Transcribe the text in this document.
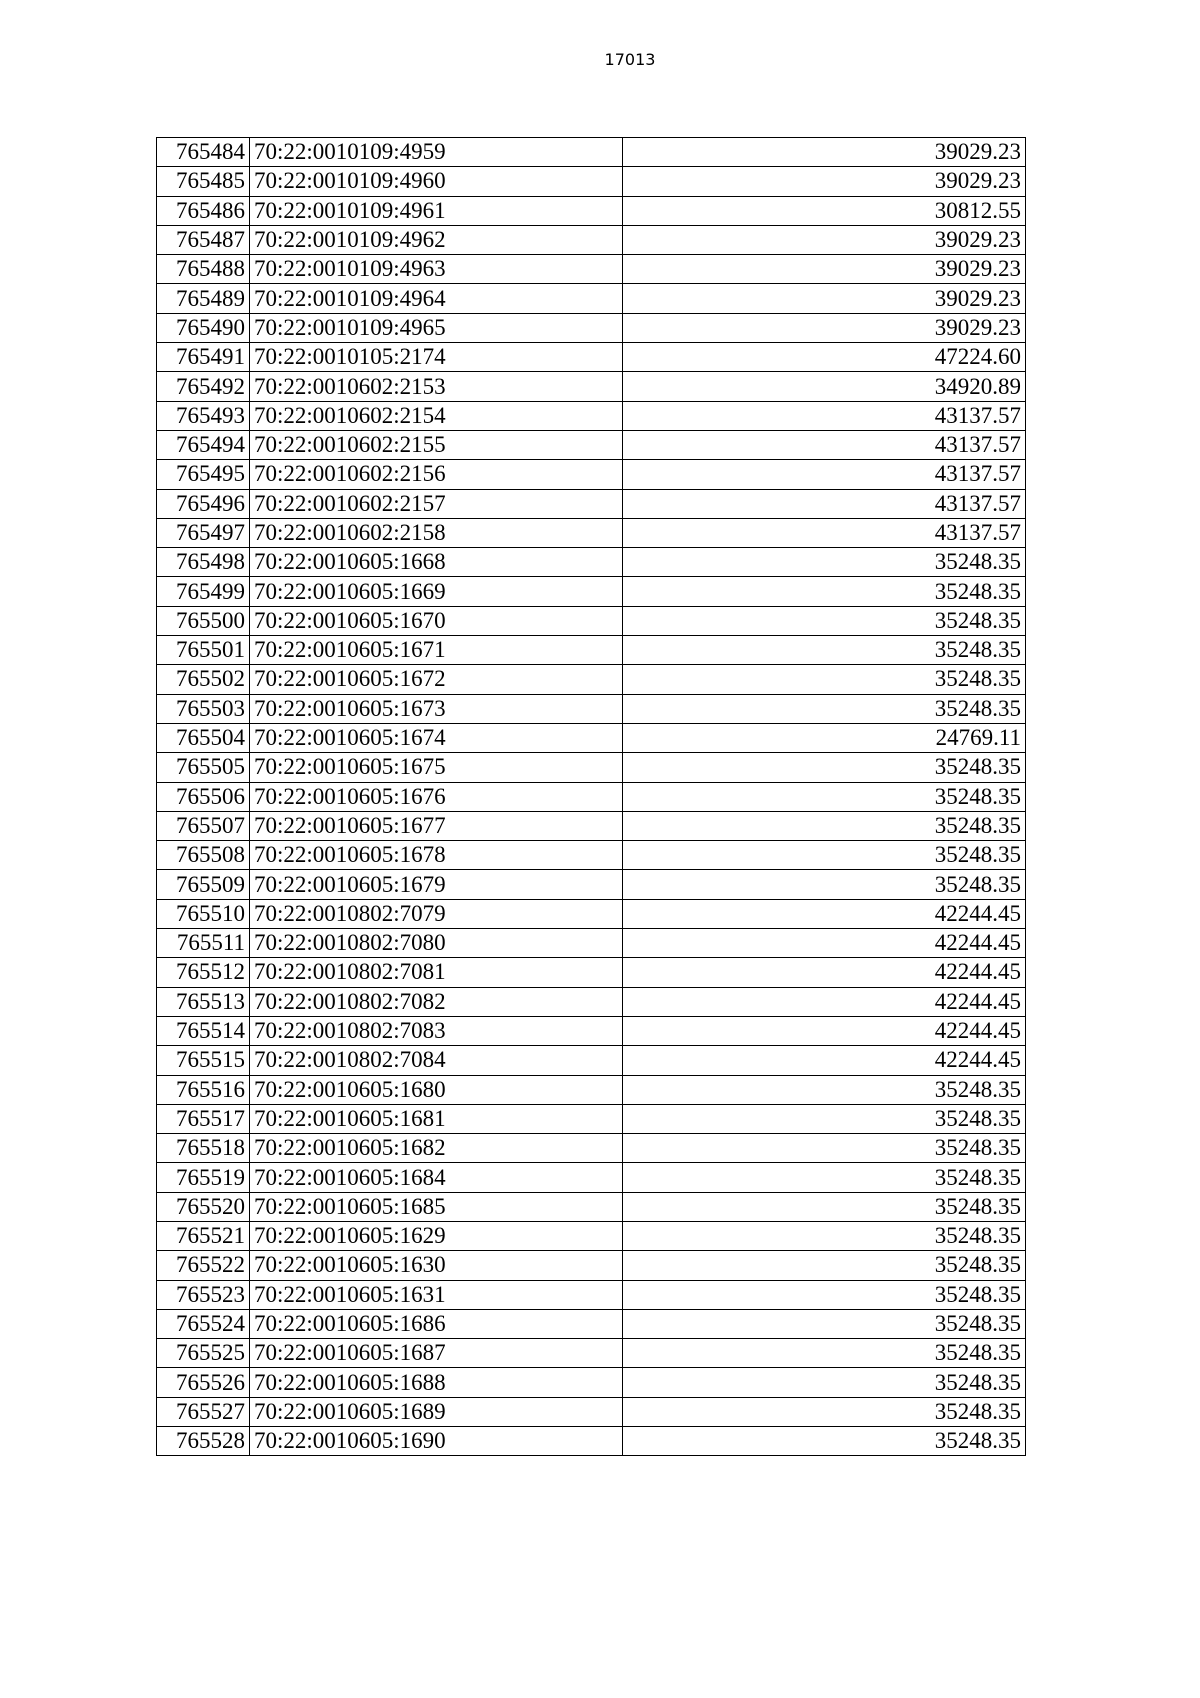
17013
765484	70:22:0010109:4959	39029.23
765485	70:22:0010109:4960	39029.23
765486	70:22:0010109:4961	30812.55
765487	70:22:0010109:4962	39029.23
765488	70:22:0010109:4963	39029.23
765489	70:22:0010109:4964	39029.23
765490	70:22:0010109:4965	39029.23
765491	70:22:0010105:2174	47224.60
765492	70:22:0010602:2153	34920.89
765493	70:22:0010602:2154	43137.57
765494	70:22:0010602:2155	43137.57
765495	70:22:0010602:2156	43137.57
765496	70:22:0010602:2157	43137.57
765497	70:22:0010602:2158	43137.57
765498	70:22:0010605:1668	35248.35
765499	70:22:0010605:1669	35248.35
765500	70:22:0010605:1670	35248.35
765501	70:22:0010605:1671	35248.35
765502	70:22:0010605:1672	35248.35
765503	70:22:0010605:1673	35248.35
765504	70:22:0010605:1674	24769.11
765505	70:22:0010605:1675	35248.35
765506	70:22:0010605:1676	35248.35
765507	70:22:0010605:1677	35248.35
765508	70:22:0010605:1678	35248.35
765509	70:22:0010605:1679	35248.35
765510	70:22:0010802:7079	42244.45
765511	70:22:0010802:7080	42244.45
765512	70:22:0010802:7081	42244.45
765513	70:22:0010802:7082	42244.45
765514	70:22:0010802:7083	42244.45
765515	70:22:0010802:7084	42244.45
765516	70:22:0010605:1680	35248.35
765517	70:22:0010605:1681	35248.35
765518	70:22:0010605:1682	35248.35
765519	70:22:0010605:1684	35248.35
765520	70:22:0010605:1685	35248.35
765521	70:22:0010605:1629	35248.35
765522	70:22:0010605:1630	35248.35
765523	70:22:0010605:1631	35248.35
765524	70:22:0010605:1686	35248.35
765525	70:22:0010605:1687	35248.35
765526	70:22:0010605:1688	35248.35
765527	70:22:0010605:1689	35248.35
765528	70:22:0010605:1690	35248.35
